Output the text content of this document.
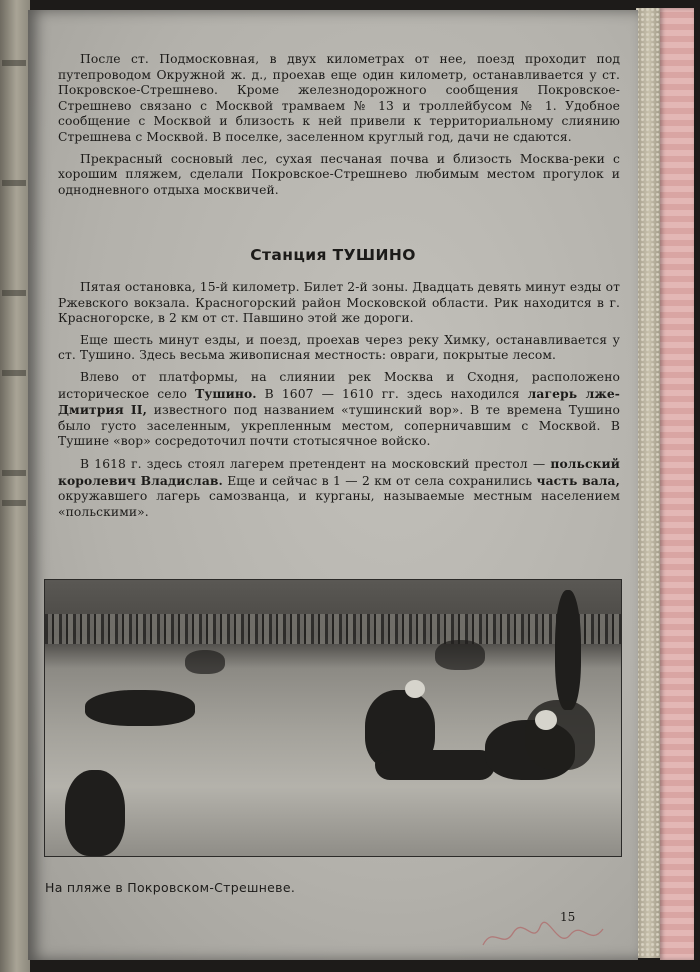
После ст. Подмосковная, в двух километрах от нее, поезд проходит под путепроводом Окружной ж. д., проехав еще один километр, останавливается у ст. Покровское-Стрешнево. Кроме железнодорожного сообщения Покровское-Стрешнево связано с Москвой трамваем № 13 и троллейбусом № 1. Удобное сообщение с Москвой и близость к ней привели к территориальному слиянию Стрешнева с Москвой. В поселке, заселенном круглый год, дачи не сдаются.

Прекрасный сосновый лес, сухая песчаная почва и близость Москва-реки с хорошим пляжем, сделали Покровское-Стрешнево любимым местом прогулок и однодневного отдыха москвичей.

Станция ТУШИНО

Пятая остановка, 15-й километр. Билет 2-й зоны. Двадцать девять минут езды от Ржевского вокзала. Красногорский район Московской области. Рик находится в г. Красногорске, в 2 км от ст. Павшино этой же дороги.

Еще шесть минут езды, и поезд, проехав через реку Химку, останавливается у ст. Тушино. Здесь весьма живописная местность: овраги, покрытые лесом.

Влево от платформы, на слиянии рек Москва и Сходня, расположено историческое село Тушино. В 1607 — 1610 гг. здесь находился лагерь лже-Дмитрия II, известного под названием «тушинский вор». В те времена Тушино было густо заселенным, укрепленным местом, соперничавшим с Москвой. В Тушине «вор» сосредоточил почти стотысячное войско.

В 1618 г. здесь стоял лагерем претендент на московский престол — польский королевич Владислав. Еще и сейчас в 1 — 2 км от села сохранились часть вала, окружавшего лагерь самозванца, и курганы, называемые местным населением «польскими».

На пляже в Покровском-Стрешневе.
15
